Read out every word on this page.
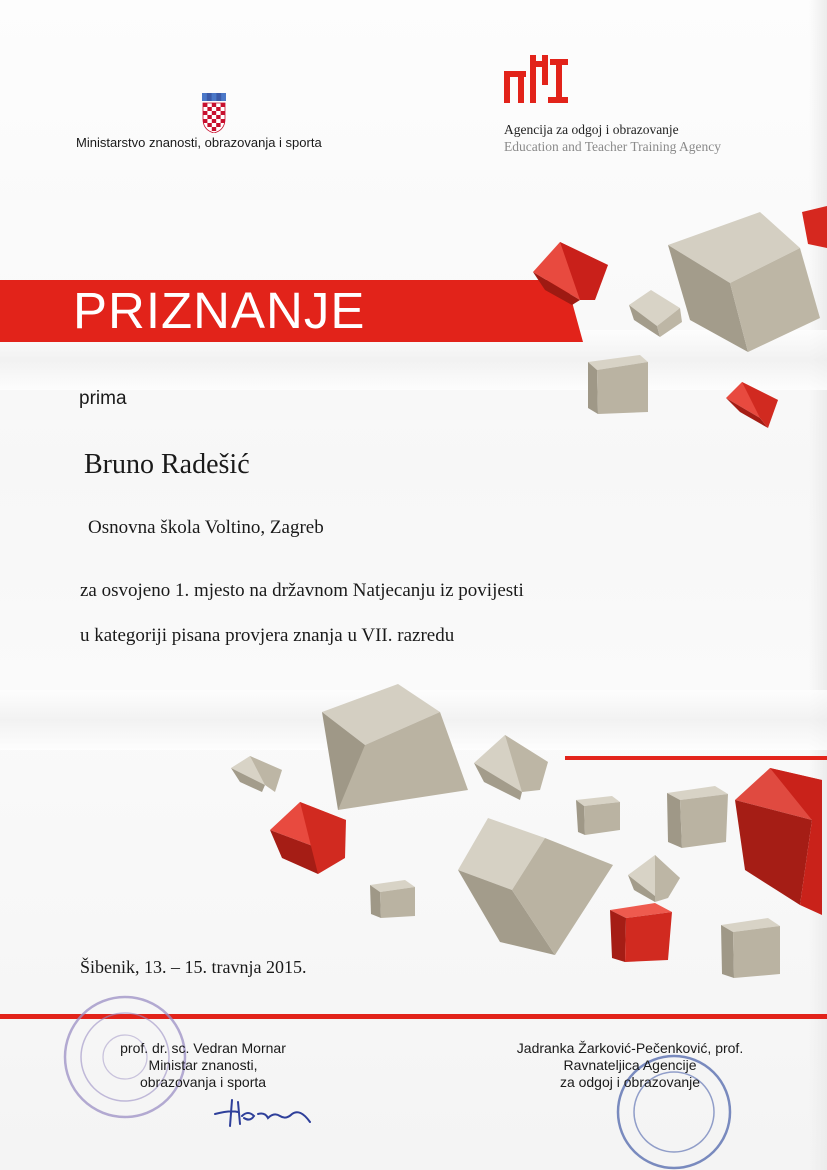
Ministarstvo znanosti, obrazovanja i sporta
Agencija za odgoj i obrazovanje
Education and Teacher Training Agency
PRIZNANJE
prima
Bruno Radešić
Osnovna škola Voltino, Zagreb
za osvojeno 1. mjesto na državnom Natjecanju iz povijesti
u kategoriji pisana provjera znanja u VII. razredu
Šibenik, 13. – 15. travnja 2015.
prof. dr. sc. Vedran Mornar
Ministar znanosti,
obrazovanja i sporta
Jadranka Žarković-Pečenković, prof.
Ravnateljica Agencije
za odgoj i obrazovanje
